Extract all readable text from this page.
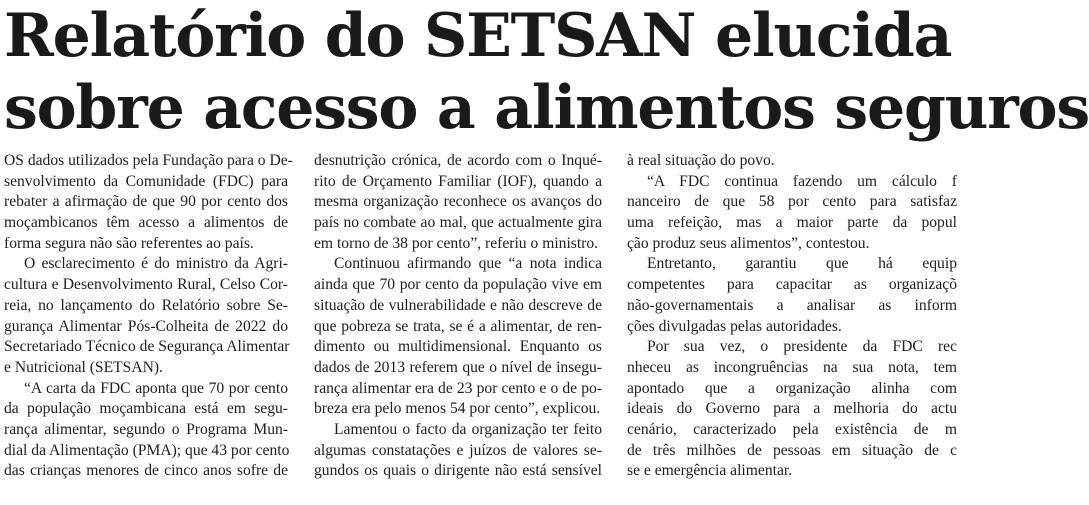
Relatório do SETSAN elucida
sobre acesso a alimentos seguros
OS dados utilizados pela Fundação para o De-
senvolvimento da Comunidade (FDC) para
rebater a afirmação de que 90 por cento dos
moçambicanos têm acesso a alimentos de
forma segura não são referentes ao país.
O esclarecimento é do ministro da Agri-
cultura e Desenvolvimento Rural, Celso Cor-
reia, no lançamento do Relatório sobre Se-
gurança Alimentar Pós-Colheita de 2022 do
Secretariado Técnico de Segurança Alimentar
e Nutricional (SETSAN).
“A carta da FDC aponta que 70 por cento
da população moçambicana está em segu-
rança alimentar, segundo o Programa Mun-
dial da Alimentação (PMA); que 43 por cento
das crianças menores de cinco anos sofre de
desnutrição crónica, de acordo com o Inqué-
rito de Orçamento Familiar (IOF), quando a
mesma organização reconhece os avanços do
país no combate ao mal, que actualmente gira
em torno de 38 por cento”, referiu o ministro.
Continuou afirmando que “a nota indica
ainda que 70 por cento da população vive em
situação de vulnerabilidade e não descreve de
que pobreza se trata, se é a alimentar, de ren-
dimento ou multidimensional. Enquanto os
dados de 2013 referem que o nível de insegu-
rança alimentar era de 23 por cento e o de po-
breza era pelo menos 54 por cento”, explicou.
Lamentou o facto da organização ter feito
algumas constatações e juízos de valores se-
gundos os quais o dirigente não está sensível
à real situação do povo.
“A FDC continua fazendo um cálculo f
nanceiro de que 58 por cento para satisfaz
uma refeição, mas a maior parte da popul
ção produz seus alimentos”, contestou.
Entretanto, garantiu que há equip
competentes para capacitar as organizaçõ
não-governamentais a analisar as inform
ções divulgadas pelas autoridades.
Por sua vez, o presidente da FDC rec
nheceu as incongruências na sua nota, tem
apontado que a organização alinha com
ideais do Governo para a melhoria do actu
cenário, caracterizado pela existência de m
de três milhões de pessoas em situação de c
se e emergência alimentar.
